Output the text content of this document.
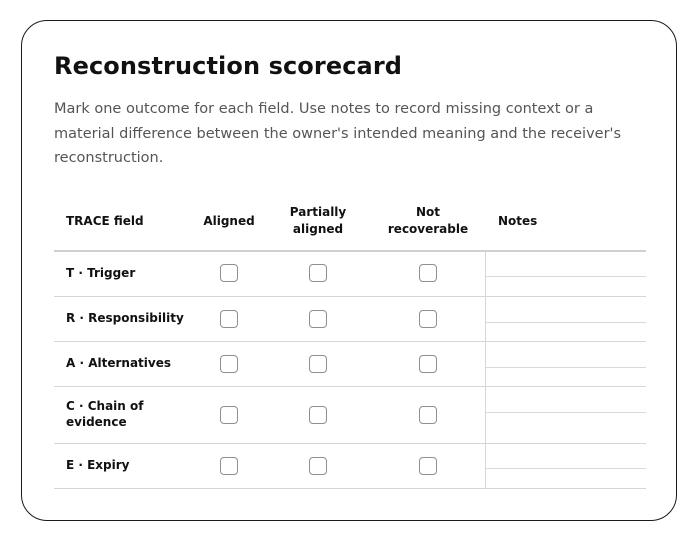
Reconstruction scorecard

Mark one outcome for each field. Use notes to record missing context or a material difference between the owner's intended meaning and the receiver's reconstruction.

TRACE field	Aligned
Partially
aligned
Not
recoverable
Notes
T · Trigger
R · Responsibility
A · Alternatives
C · Chain of
evidence
E · Expiry
